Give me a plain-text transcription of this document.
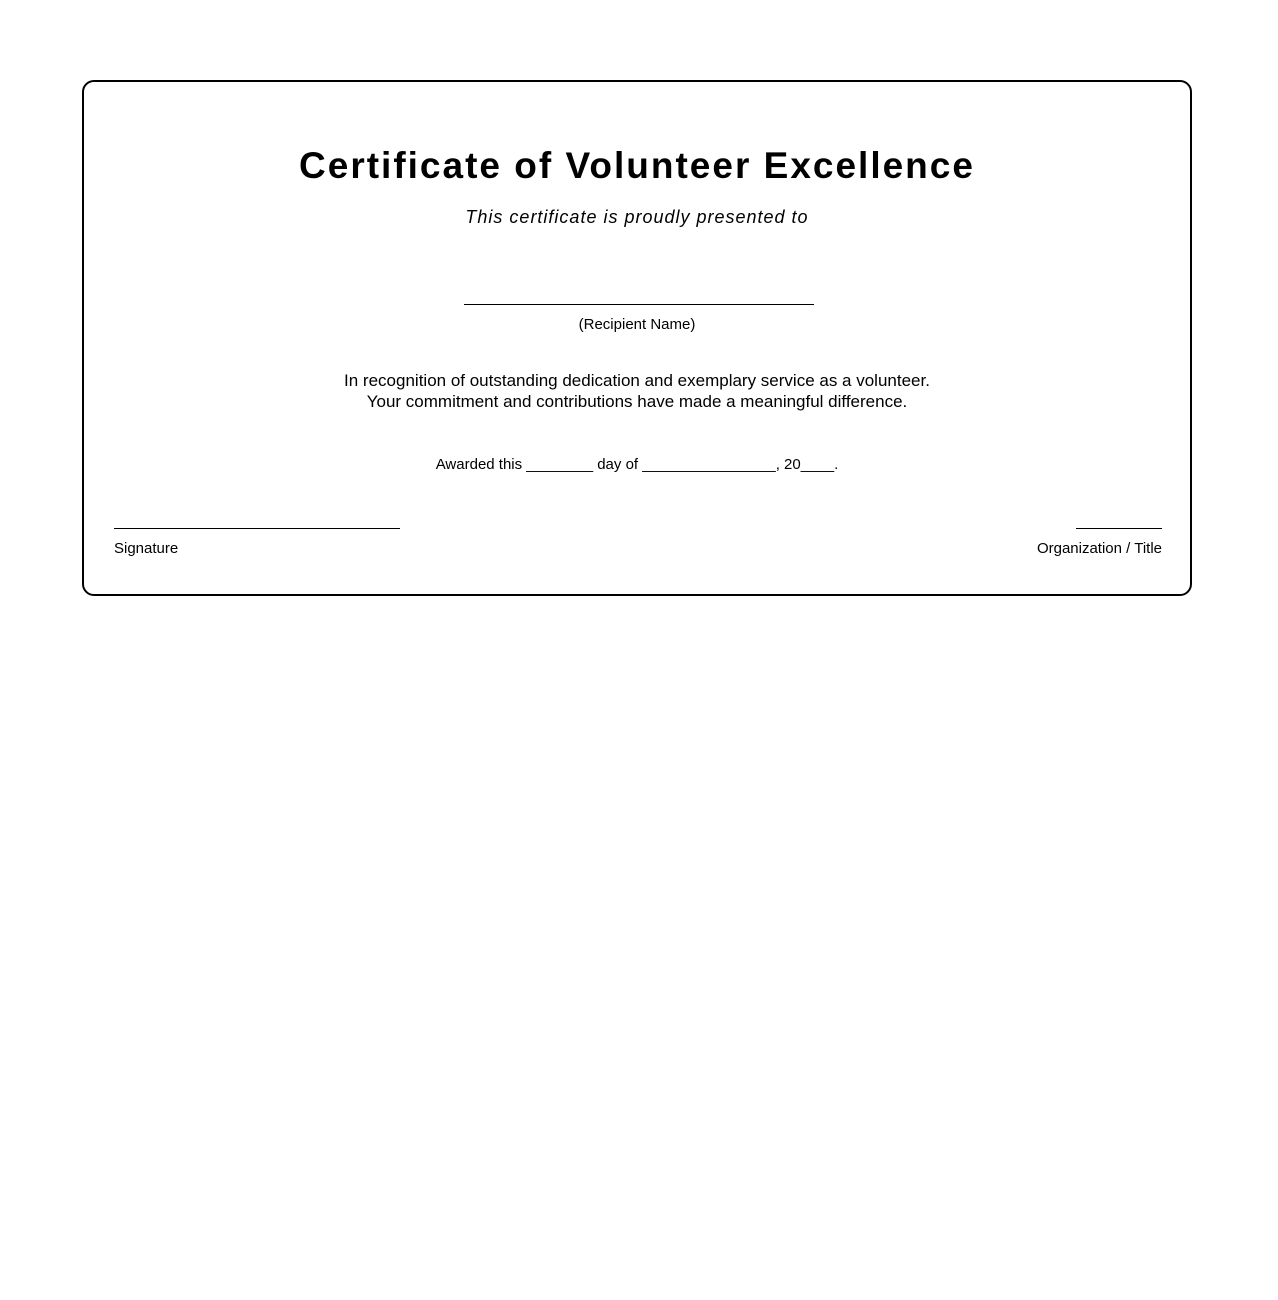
Certificate of Volunteer Excellence
This certificate is proudly presented to
(Recipient Name)
In recognition of outstanding dedication and exemplary service as a volunteer.
Your commitment and contributions have made a meaningful difference.
Awarded this ________ day of ________________, 20____.
Signature	Organization / Title
